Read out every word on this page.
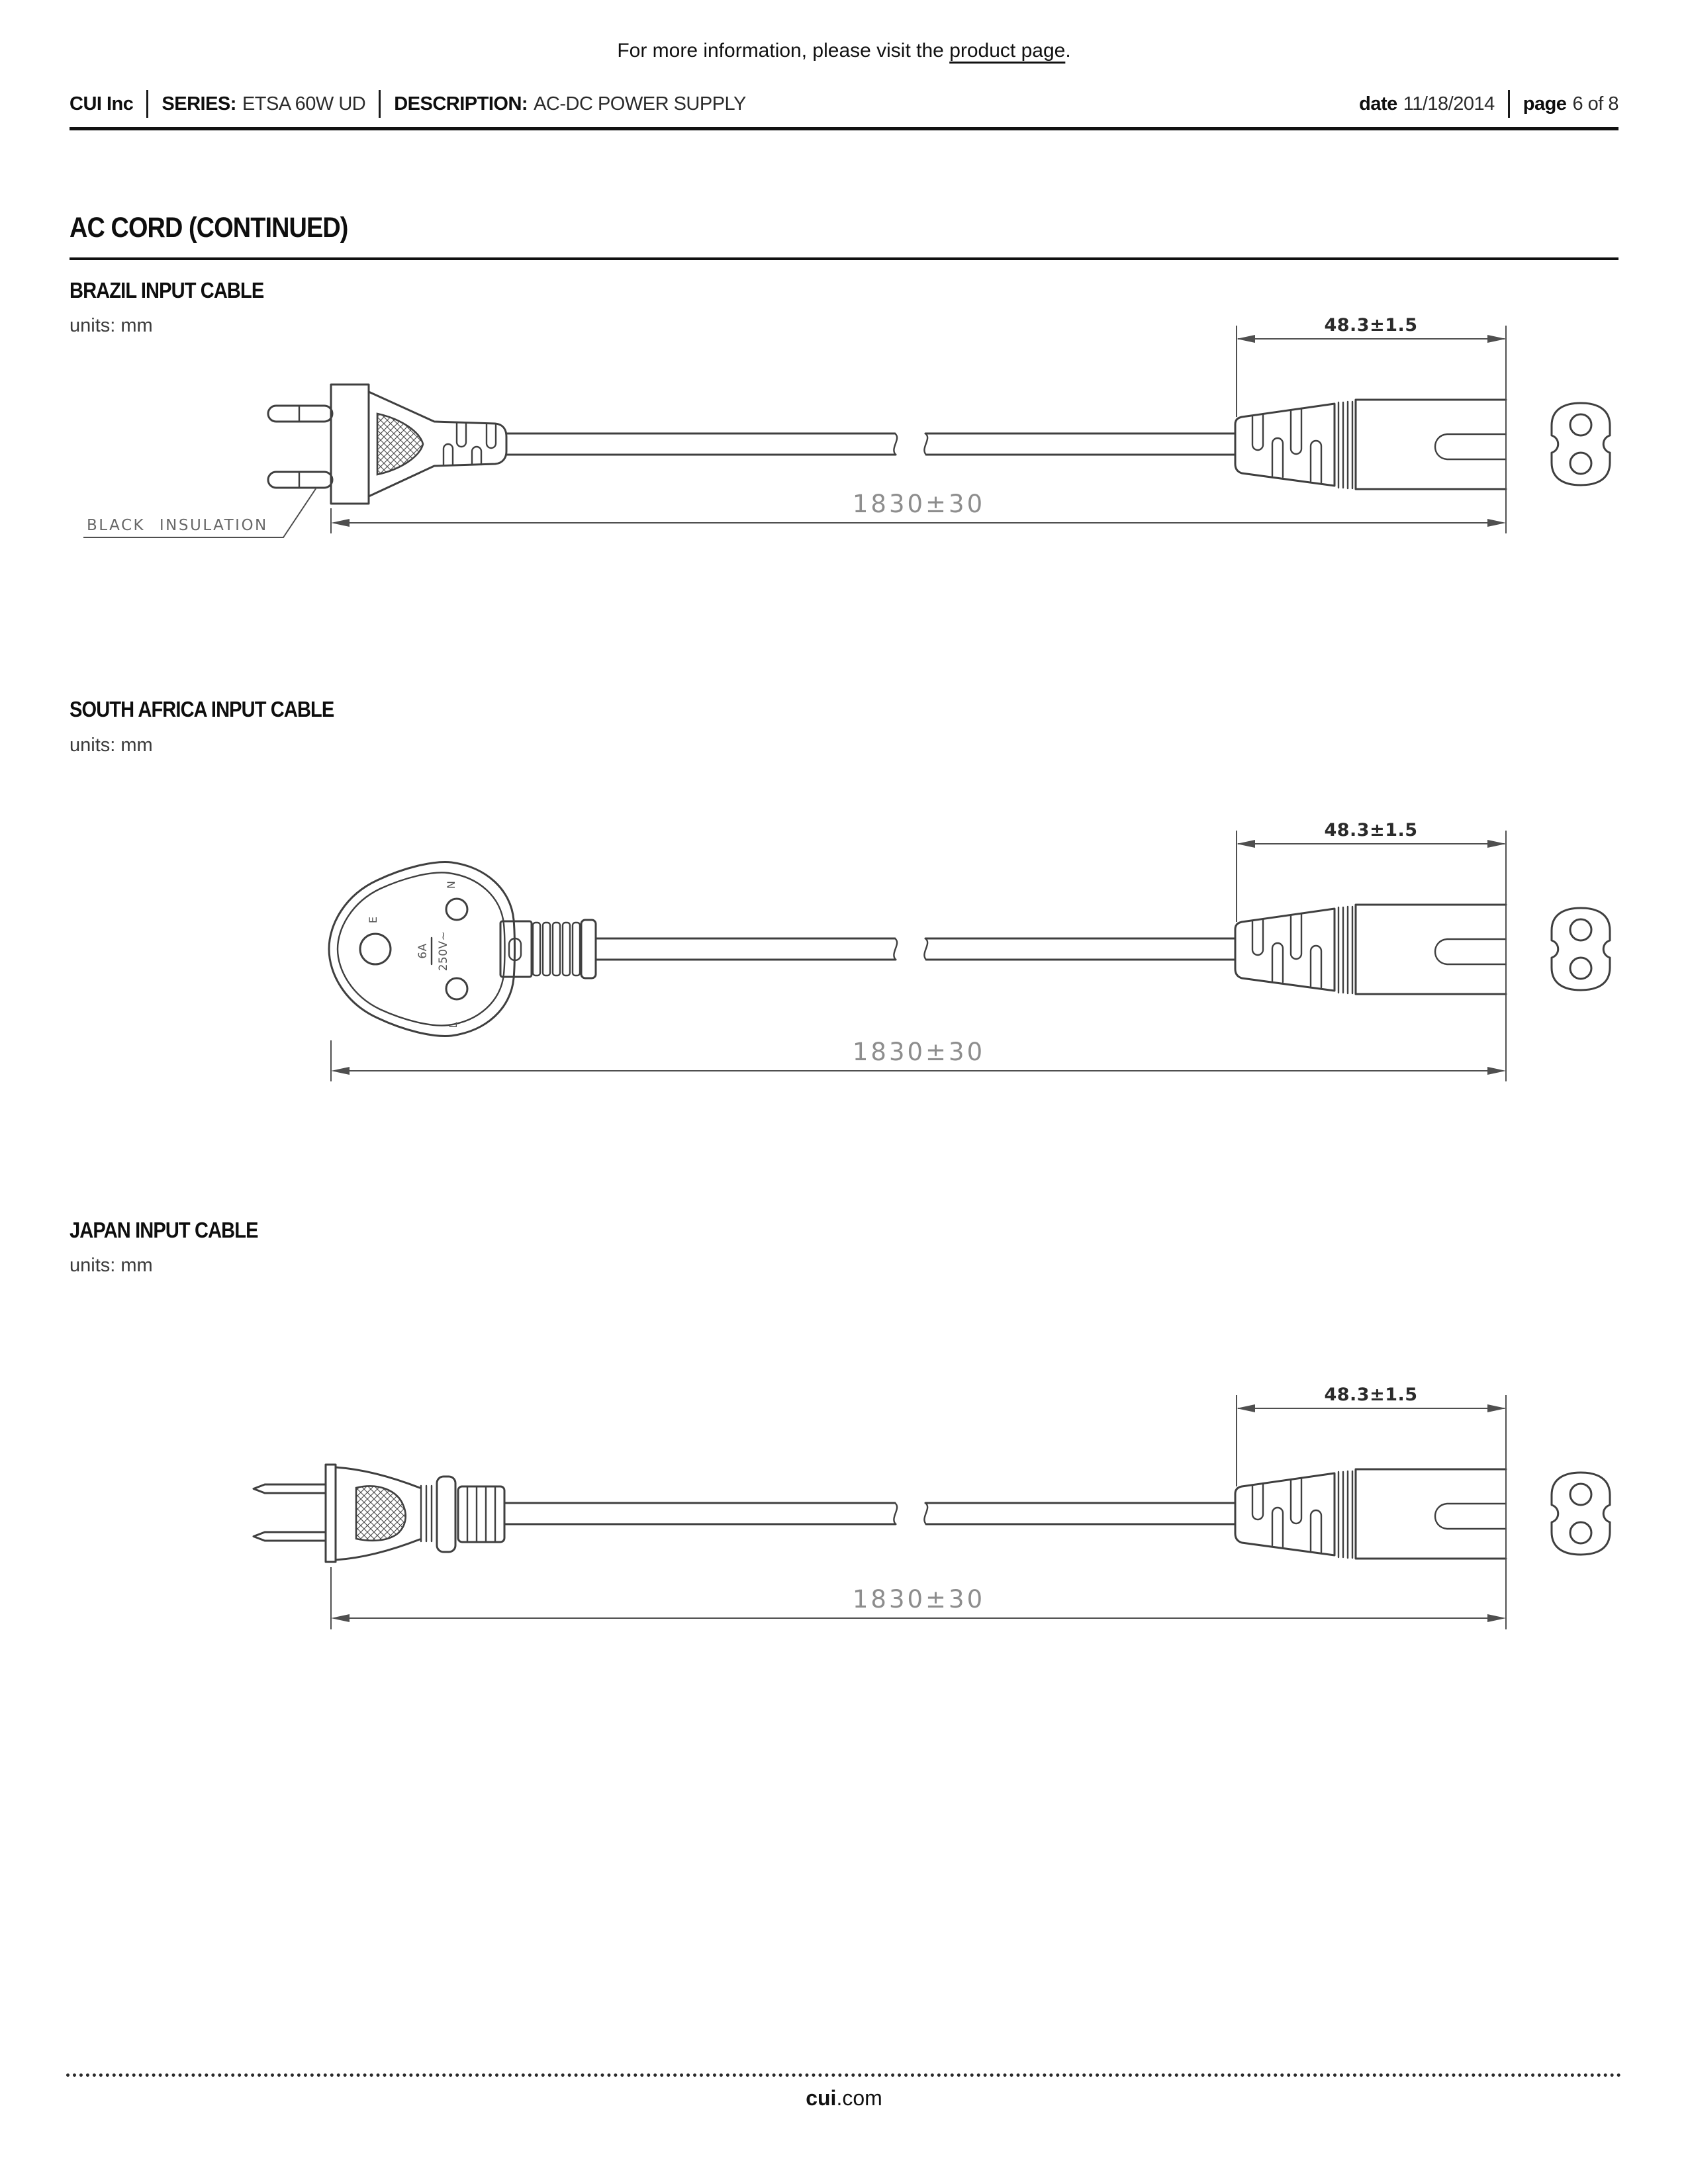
For more information, please visit the product page.
CUI Inc SERIES: ETSA 60W UD DESCRIPTION: AC-DC POWER SUPPLY	date 11/18/2014 page 6 of 8
AC CORD (CONTINUED)
BRAZIL INPUT CABLE
units: mm	48.3±1.5
1830±30
BLACK INSULATION
SOUTH AFRICA INPUT CABLE
units: mm
E
N
L
6A 250V~
48.3±1.5
1830±30
JAPAN INPUT CABLE
units: mm
48.3±1.5
1830±30
cui.com
